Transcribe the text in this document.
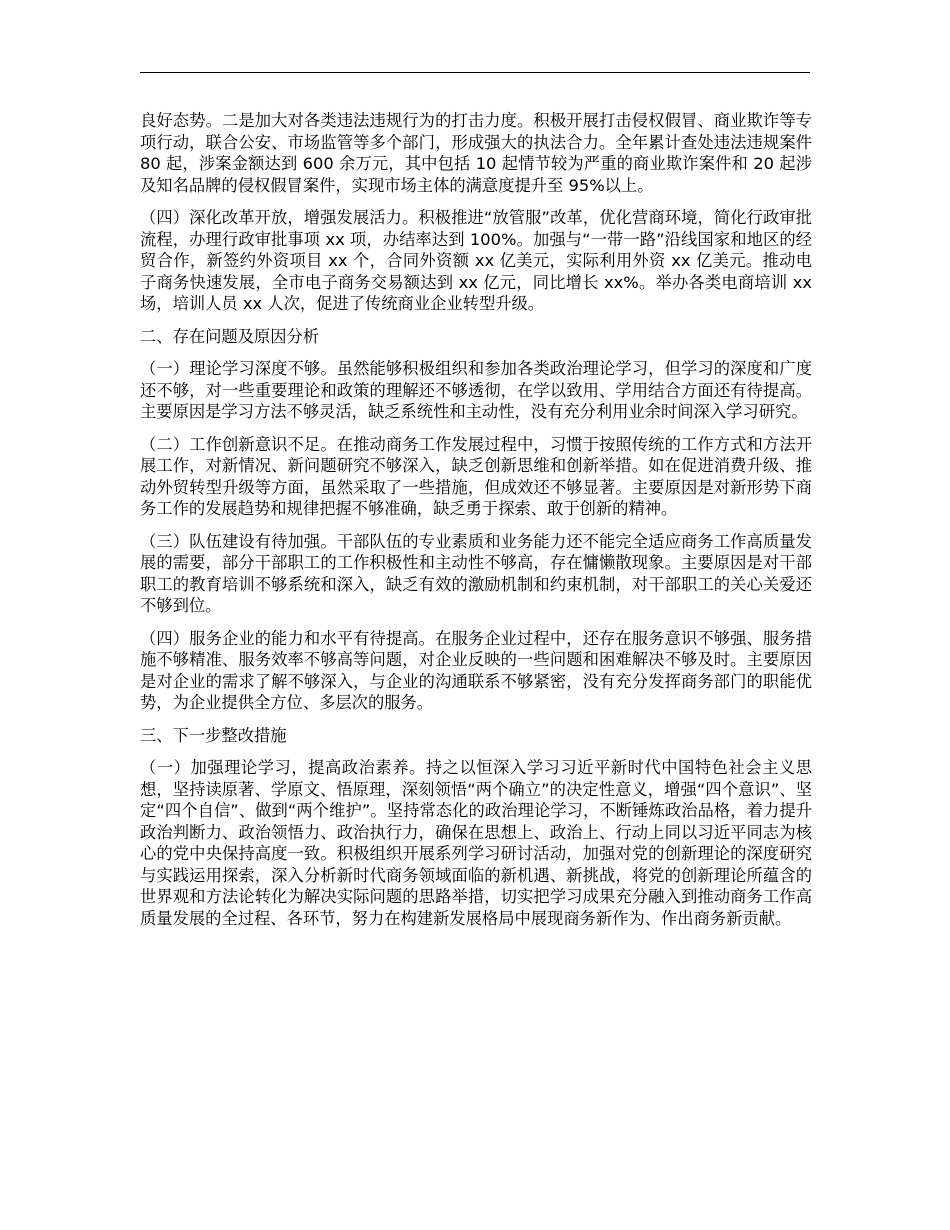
良好态势。二是加大对各类违法违规行为的打击力度。积极开展打击侵权假冒、商业欺诈等专项行动，联合公安、市场监管等多个部门，形成强大的执法合力。全年累计查处违法违规案件 80 起，涉案金额达到 600 余万元，其中包括 10 起情节较为严重的商业欺诈案件和 20 起涉及知名品牌的侵权假冒案件，实现市场主体的满意度提升至 95%以上。

（四）深化改革开放，增强发展活力。积极推进“放管服”改革，优化营商环境，简化行政审批流程，办理行政审批事项 xx 项，办结率达到 100%。加强与“一带一路”沿线国家和地区的经贸合作，新签约外资项目 xx 个，合同外资额 xx 亿美元，实际利用外资 xx 亿美元。推动电子商务快速发展，全市电子商务交易额达到 xx 亿元，同比增长 xx%。举办各类电商培训 xx 场，培训人员 xx 人次，促进了传统商业企业转型升级。

二、存在问题及原因分析

（一）理论学习深度不够。虽然能够积极组织和参加各类政治理论学习，但学习的深度和广度还不够，对一些重要理论和政策的理解还不够透彻，在学以致用、学用结合方面还有待提高。主要原因是学习方法不够灵活，缺乏系统性和主动性，没有充分利用业余时间深入学习研究。

（二）工作创新意识不足。在推动商务工作发展过程中，习惯于按照传统的工作方式和方法开展工作，对新情况、新问题研究不够深入，缺乏创新思维和创新举措。如在促进消费升级、推动外贸转型升级等方面，虽然采取了一些措施，但成效还不够显著。主要原因是对新形势下商务工作的发展趋势和规律把握不够准确，缺乏勇于探索、敢于创新的精神。

（三）队伍建设有待加强。干部队伍的专业素质和业务能力还不能完全适应商务工作高质量发展的需要，部分干部职工的工作积极性和主动性不够高，存在慵懒散现象。主要原因是对干部职工的教育培训不够系统和深入，缺乏有效的激励机制和约束机制，对干部职工的关心关爱还不够到位。

（四）服务企业的能力和水平有待提高。在服务企业过程中，还存在服务意识不够强、服务措施不够精准、服务效率不够高等问题，对企业反映的一些问题和困难解决不够及时。主要原因是对企业的需求了解不够深入，与企业的沟通联系不够紧密，没有充分发挥商务部门的职能优势，为企业提供全方位、多层次的服务。

三、下一步整改措施

（一）加强理论学习，提高政治素养。持之以恒深入学习习近平新时代中国特色社会主义思想，坚持读原著、学原文、悟原理，深刻领悟“两个确立”的决定性意义，增强“四个意识”、坚定“四个自信”、做到“两个维护”。坚持常态化的政治理论学习，不断锤炼政治品格，着力提升政治判断力、政治领悟力、政治执行力，确保在思想上、政治上、行动上同以习近平同志为核心的党中央保持高度一致。积极组织开展系列学习研讨活动，加强对党的创新理论的深度研究与实践运用探索，深入分析新时代商务领域面临的新机遇、新挑战，将党的创新理论所蕴含的世界观和方法论转化为解决实际问题的思路举措，切实把学习成果充分融入到推动商务工作高质量发展的全过程、各环节，努力在构建新发展格局中展现商务新作为、作出商务新贡献。
